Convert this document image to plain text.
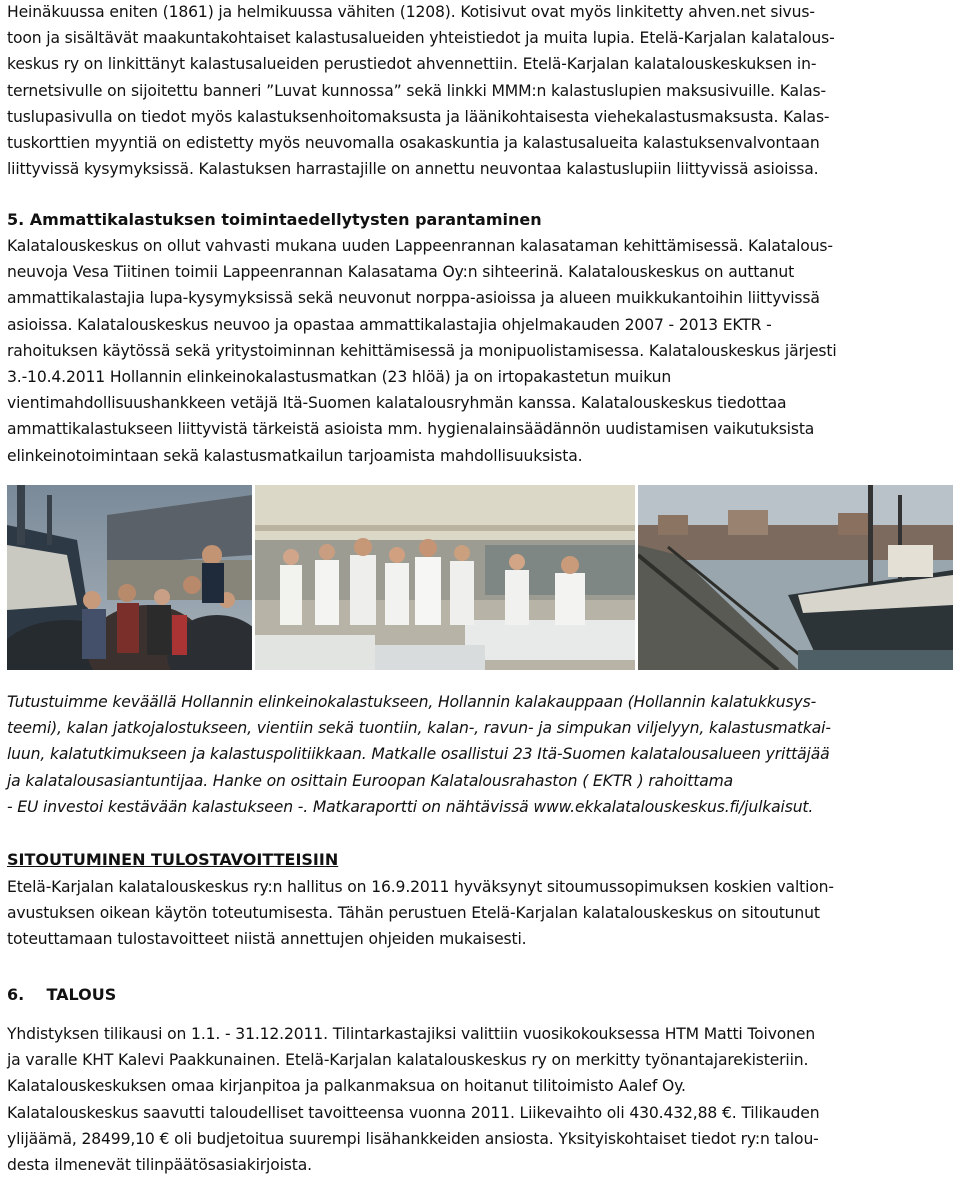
Heinäkuussa eniten (1861) ja helmikuussa vähiten (1208). Kotisivut ovat myös linkitetty ahven.net sivus-
toon ja sisältävät maakuntakohtaiset kalastusalueiden yhteistiedot ja muita lupia. Etelä-Karjalan kalatalous-
keskus ry on linkittänyt kalastusalueiden perustiedot ahvennettiin. Etelä-Karjalan kalatalouskeskuksen in-
ternetsivulle on sijoitettu banneri ”Luvat kunnossa” sekä linkki MMM:n kalastuslupien maksusivuille. Kalas-
tuslupasivulla on tiedot myös kalastuksenhoitomaksusta ja läänikohtaisesta viehekalastusmaksusta. Kalas-
tuskorttien myyntiä on edistetty myös neuvomalla osakaskuntia ja kalastusalueita kalastuksenvalvontaan
liittyvissä kysymyksissä. Kalastuksen harrastajille on annettu neuvontaa kalastuslupiin liittyvissä asioissa.

5. Ammattikalastuksen toimintaedellytysten parantaminen

Kalatalouskeskus on ollut vahvasti mukana uuden Lappeenrannan kalasataman kehittämisessä. Kalatalous-
neuvoja Vesa Tiitinen toimii Lappeenrannan Kalasatama Oy:n sihteerinä. Kalatalouskeskus on auttanut
ammattikalastajia lupa-kysymyksissä sekä neuvonut norppa-asioissa ja alueen muikkukantoihin liittyvissä
asioissa. Kalatalouskeskus neuvoo ja opastaa ammattikalastajia ohjelmakauden 2007 - 2013 EKTR -
rahoituksen käytössä sekä yritystoiminnan kehittämisessä ja monipuolistamisessa. Kalatalouskeskus järjesti
3.-10.4.2011 Hollannin elinkeinokalastusmatkan (23 hlöä) ja on irtopakastetun muikun
vientimahdollisuushankkeen vetäjä Itä-Suomen kalatalousryhmän kanssa. Kalatalouskeskus tiedottaa
ammattikalastukseen liittyvistä tärkeistä asioista mm. hygienalainsäädännön uudistamisen vaikutuksista
elinkeinotoimintaan sekä kalastusmatkailun tarjoamista mahdollisuuksista.

Tutustuimme keväällä Hollannin elinkeinokalastukseen, Hollannin kalakauppaan (Hollannin kalatukkusys-
teemi), kalan jatkojalostukseen, vientiin sekä tuontiin, kalan-, ravun- ja simpukan viljelyyn, kalastusmatkai-
luun, kalatutkimukseen ja kalastuspolitiikkaan. Matkalle osallistui 23 Itä-Suomen kalatalousalueen yrittäjää
ja kalatalousasiantuntijaa. Hanke on osittain Euroopan Kalatalousrahaston ( EKTR ) rahoittama
- EU investoi kestävään kalastukseen -. Matkaraportti on nähtävissä www.ekkalatalouskeskus.fi/julkaisut.

SITOUTUMINEN TULOSTAVOITTEISIIN

Etelä-Karjalan kalatalouskeskus ry:n hallitus on 16.9.2011 hyväksynyt sitoumussopimuksen koskien valtion-
avustuksen oikean käytön toteutumisesta. Tähän perustuen Etelä-Karjalan kalatalouskeskus on sitoutunut
toteuttamaan tulostavoitteet niistä annettujen ohjeiden mukaisesti.

6.    TALOUS

Yhdistyksen tilikausi on 1.1. - 31.12.2011. Tilintarkastajiksi valittiin vuosikokouksessa HTM Matti Toivonen
ja varalle KHT Kalevi Paakkunainen. Etelä-Karjalan kalatalouskeskus ry on merkitty työnantajarekisteriin.
Kalatalouskeskuksen omaa kirjanpitoa ja palkanmaksua on hoitanut tilitoimisto Aalef Oy.
Kalatalouskeskus saavutti taloudelliset tavoitteensa vuonna 2011. Liikevaihto oli 430.432,88 €. Tilikauden
ylijäämä, 28499,10 € oli budjetoitua suurempi lisähankkeiden ansiosta. Yksityiskohtaiset tiedot ry:n talou-
desta ilmenevät tilinpäätösasiakirjoista.
